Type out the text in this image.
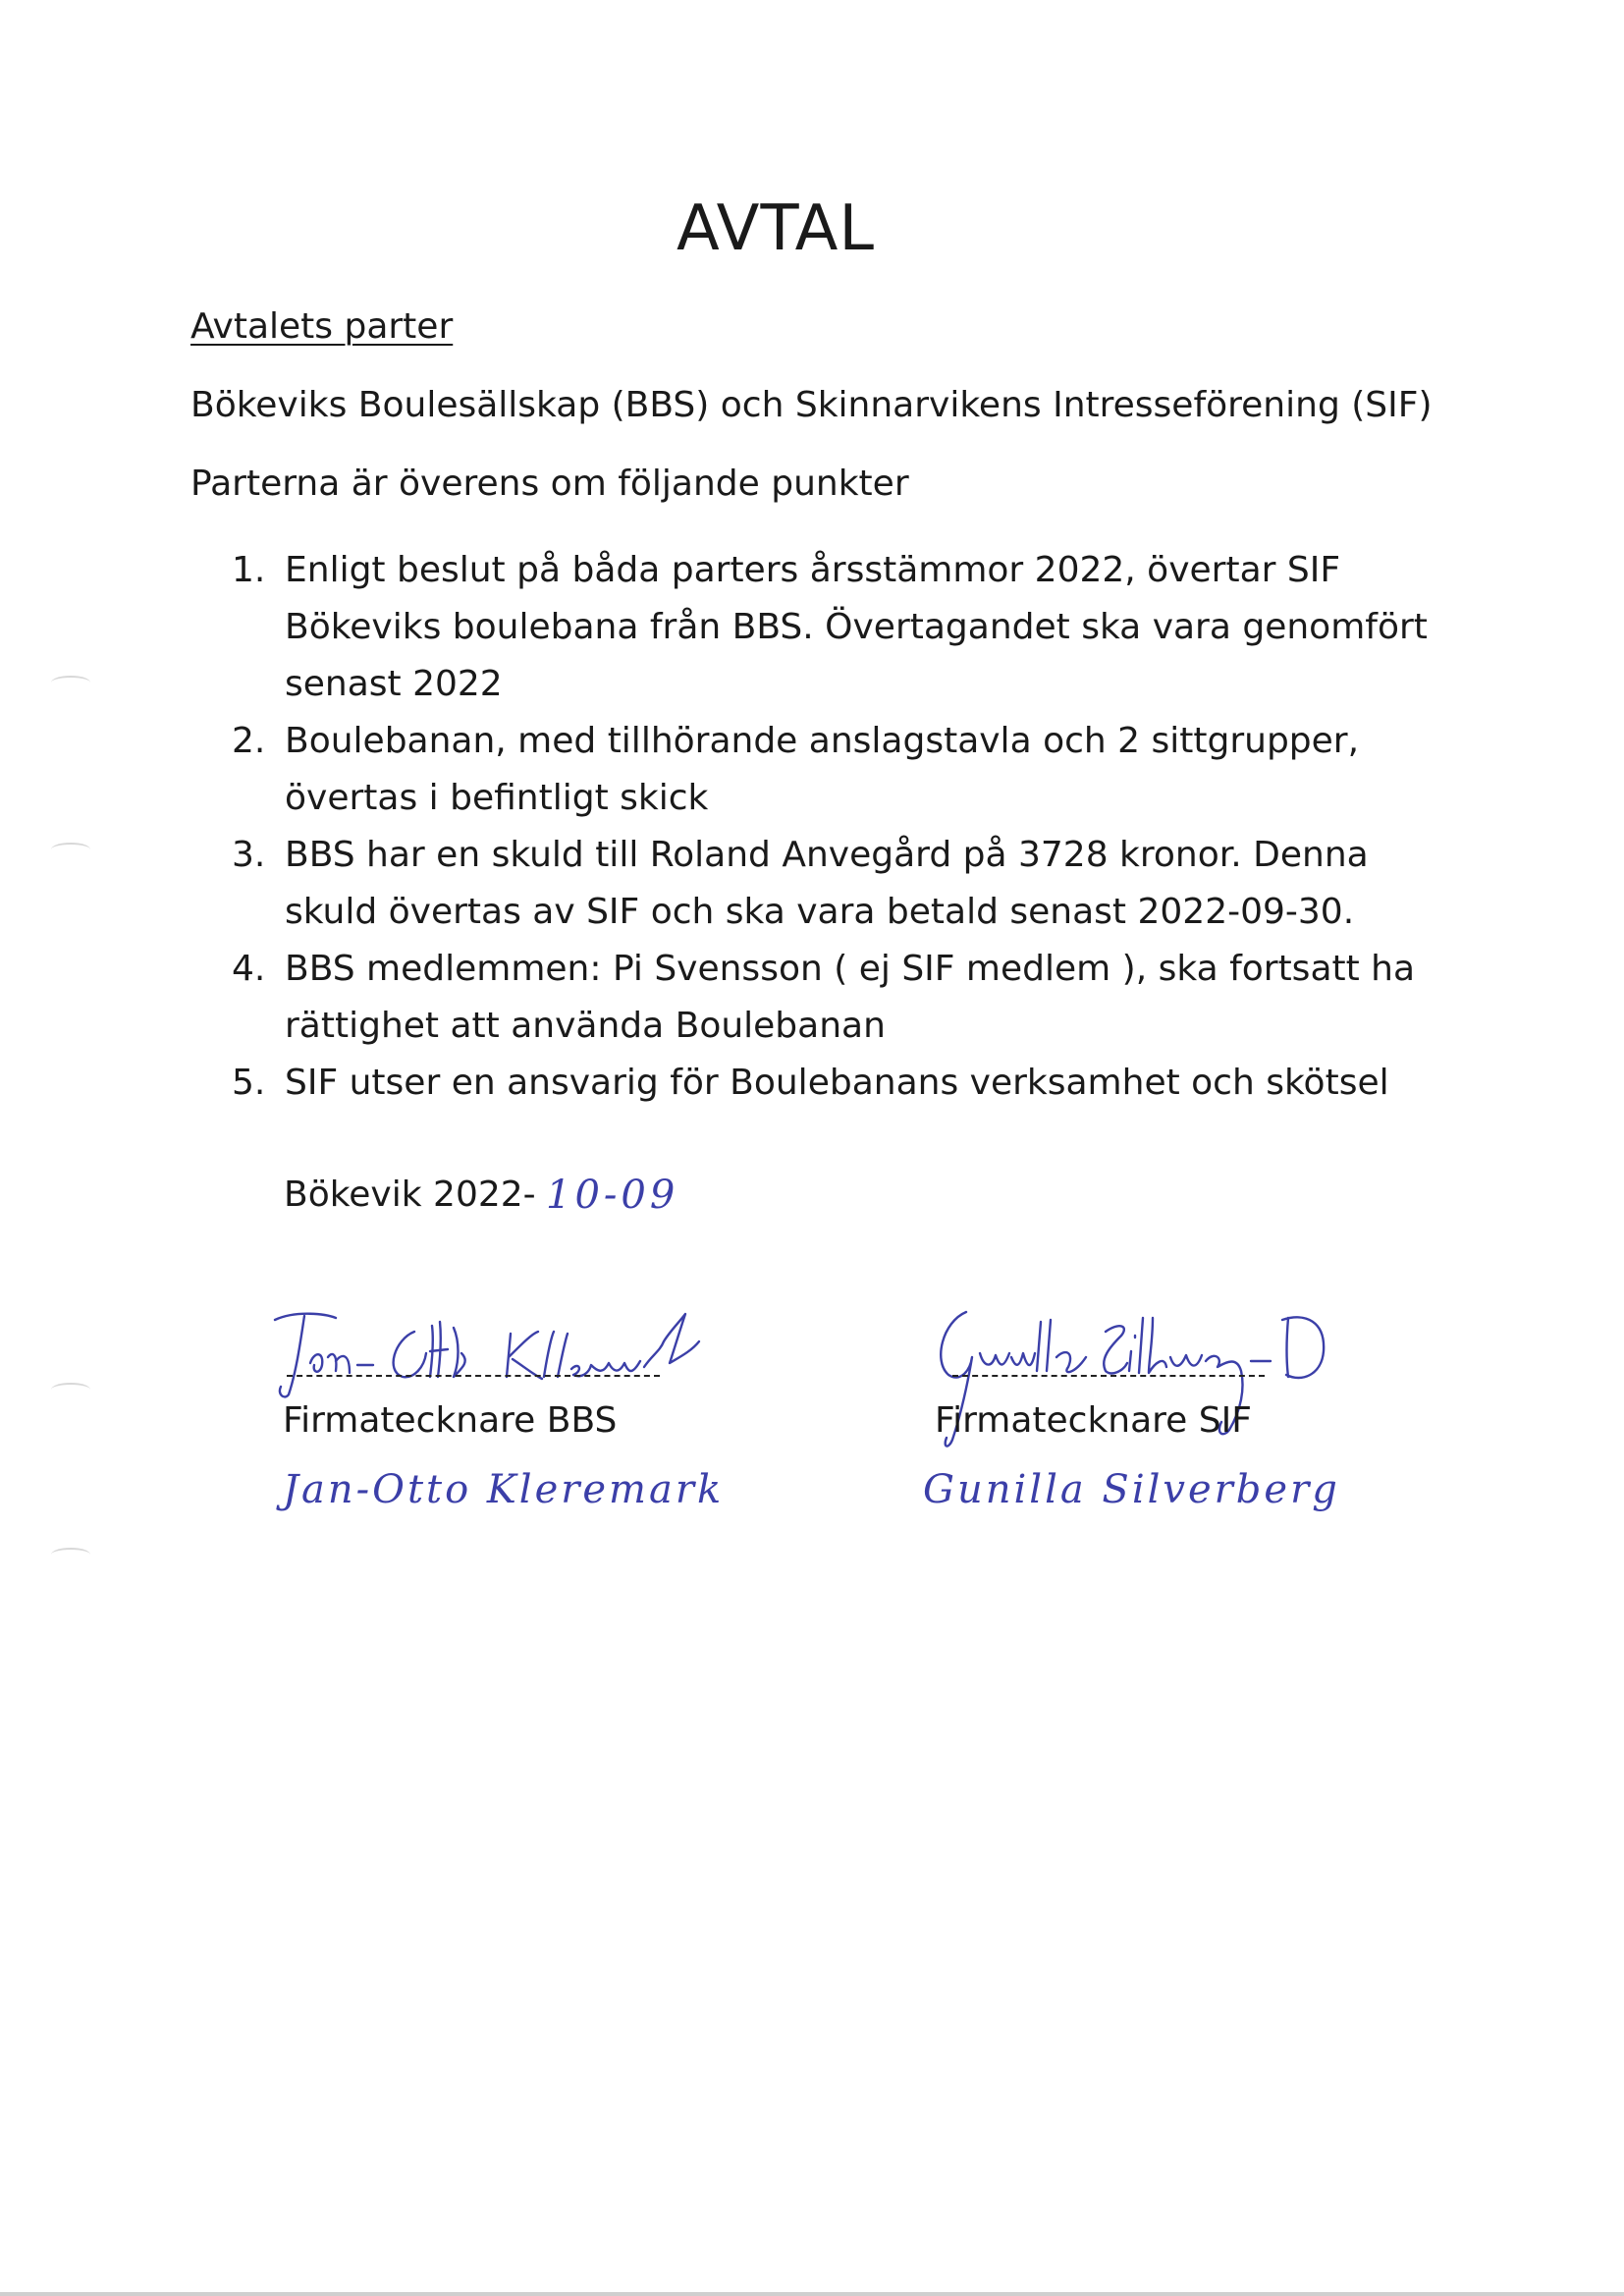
AVTAL

Avtalets parter

Bökeviks Boulesällskap (BBS) och Skinnarvikens Intresseförening (SIF)

Parterna är överens om följande punkter

1. Enligt beslut på båda parters årsstämmor 2022, övertar SIF
Bökeviks boulebana från BBS. Övertagandet ska vara genomfört
senast 2022
2. Boulebanan, med tillhörande anslagstavla och 2 sittgrupper,
övertas i befintligt skick
3. BBS har en skuld till Roland Anvegård på 3728 kronor. Denna
skuld övertas av SIF och ska vara betald senast 2022-09-30.
4. BBS medlemmen: Pi Svensson ( ej SIF medlem ), ska fortsatt ha
rättighet att använda Boulebanan
5. SIF utser en ansvarig för Boulebanans verksamhet och skötsel
Bökevik 2022- 10-09
Firmatecknare BBS
Jan-Otto Kleremark
Firmatecknare SIF
Gunilla Silverberg
